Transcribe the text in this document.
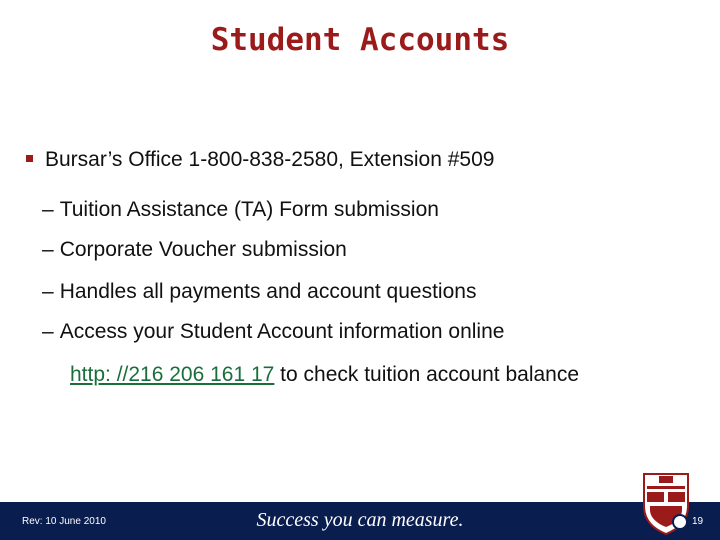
Student Accounts
Bursar’s Office 1-800-838-2580, Extension #509
– Tuition Assistance (TA) Form submission
– Corporate Voucher submission
– Handles all payments and account questions
– Access your Student Account information online
http: //216 206 161 17 to check tuition account balance
Rev: 10 June 2010	Success you can measure.	19
